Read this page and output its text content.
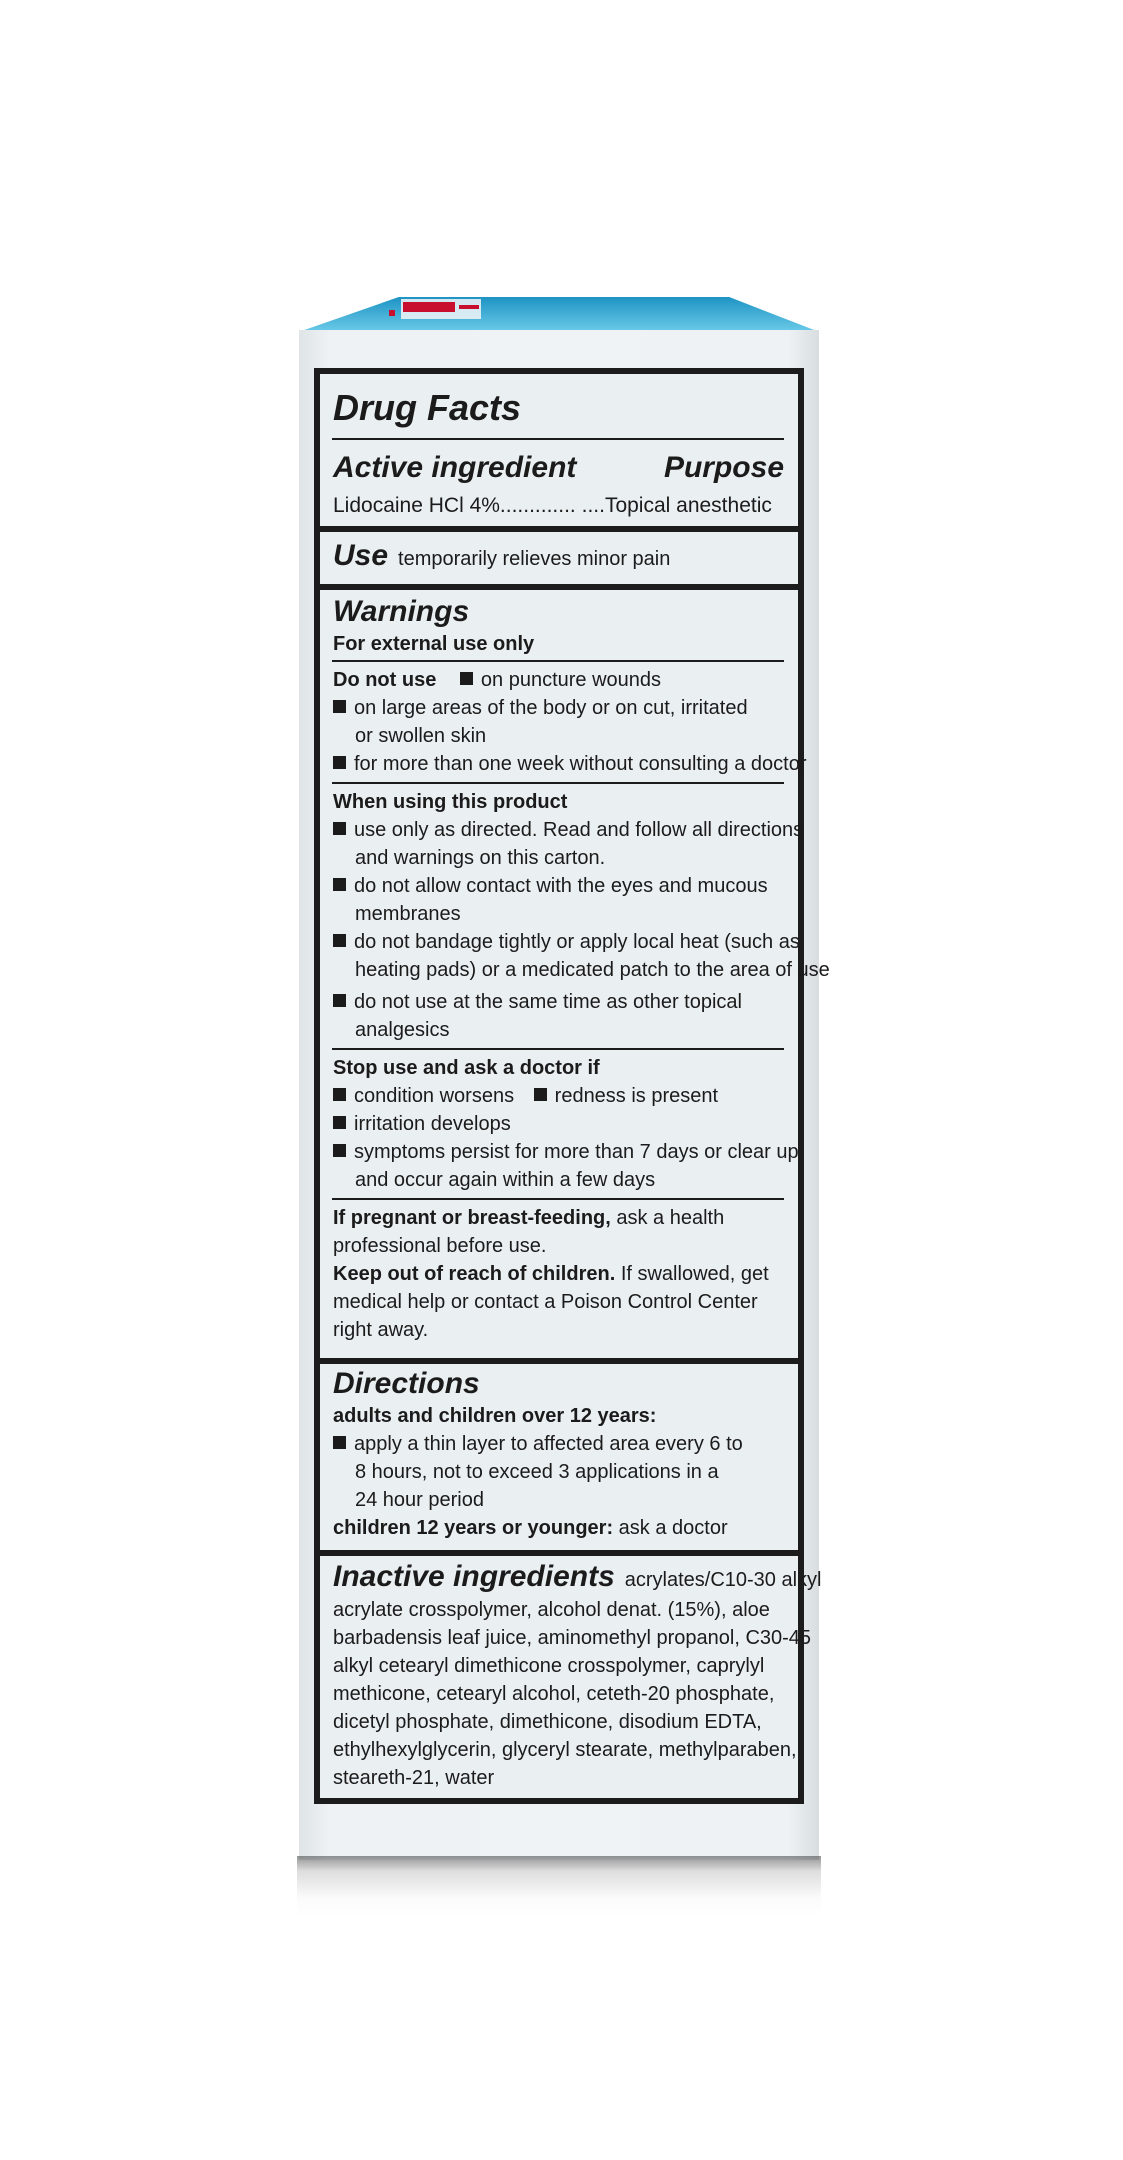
Drug Facts
Active ingredient	Purpose
Lidocaine HCl 4%............. ....Topical anesthetic
Use temporarily relieves minor pain
Warnings
For external use only
Do not use on puncture wounds
on large areas of the body or on cut, irritated
or swollen skin
for more than one week without consulting a doctor
When using this product
use only as directed. Read and follow all directions
and warnings on this carton.
do not allow contact with the eyes and mucous
membranes
do not bandage tightly or apply local heat (such as
heating pads) or a medicated patch to the area of use
do not use at the same time as other topical
analgesics
Stop use and ask a doctor if
condition worsens redness is present
irritation develops
symptoms persist for more than 7 days or clear up
and occur again within a few days
If pregnant or breast-feeding, ask a health
professional before use.
Keep out of reach of children. If swallowed, get
medical help or contact a Poison Control Center
right away.
Directions
adults and children over 12 years:
apply a thin layer to affected area every 6 to
8 hours, not to exceed 3 applications in a
24 hour period
children 12 years or younger: ask a doctor
Inactive ingredients acrylates/C10-30 alkyl
acrylate crosspolymer, alcohol denat. (15%), aloe
barbadensis leaf juice, aminomethyl propanol, C30-45
alkyl cetearyl dimethicone crosspolymer, caprylyl
methicone, cetearyl alcohol, ceteth-20 phosphate,
dicetyl phosphate, dimethicone, disodium EDTA,
ethylhexylglycerin, glyceryl stearate, methylparaben,
steareth-21, water
